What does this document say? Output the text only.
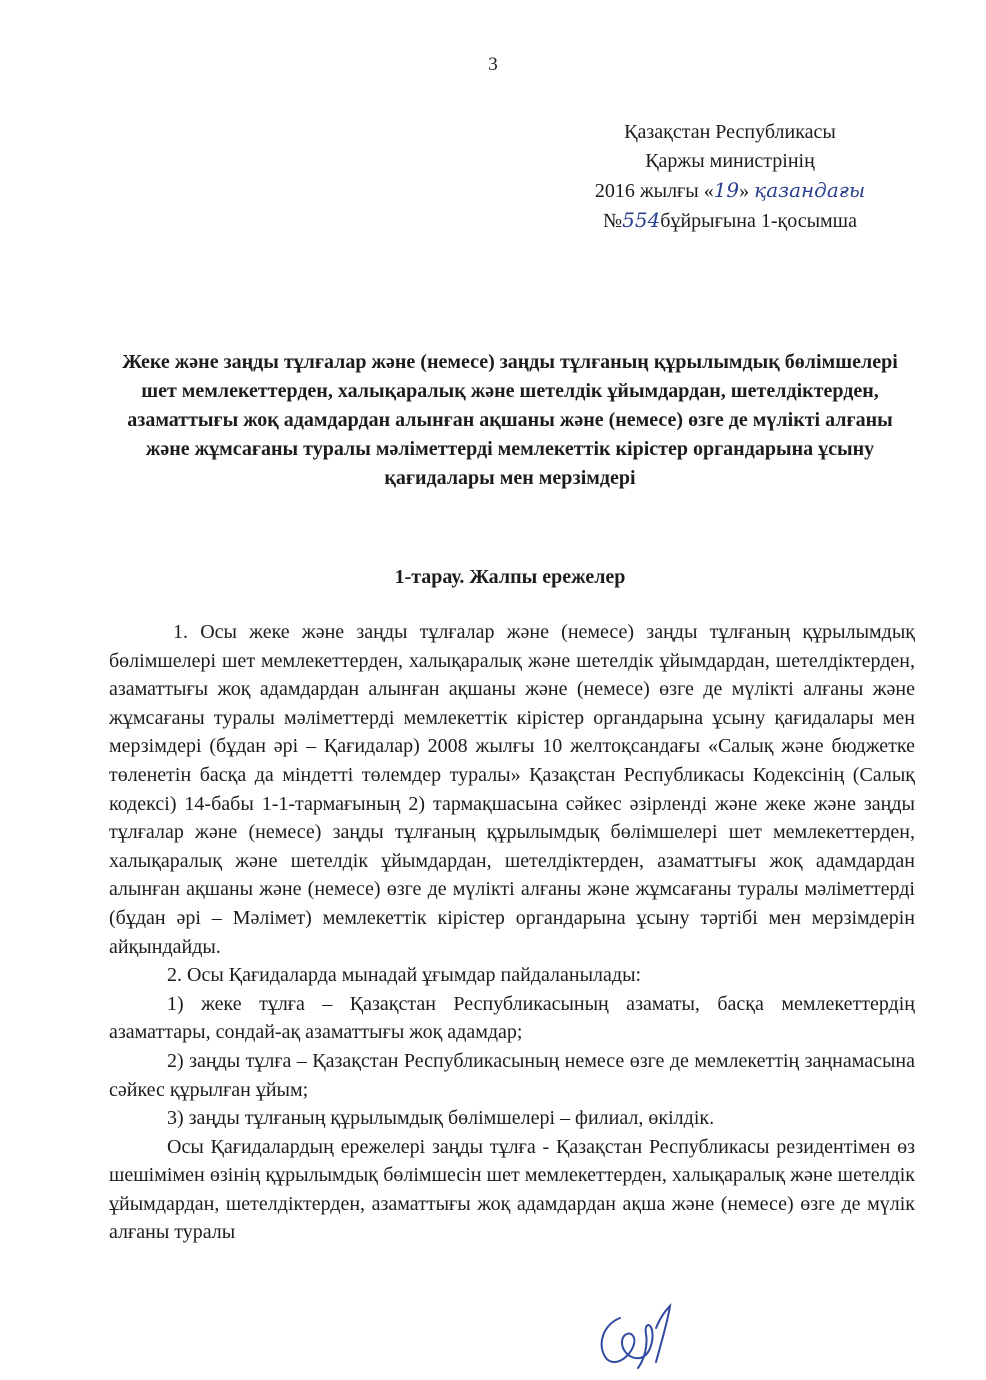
3
Қазақстан Республикасы
Қаржы министрінің
2016 жылғы «19» қазандағы
№554бұйрығына 1-қосымша
Жеке және заңды тұлғалар және (немесе) заңды тұлғаның құрылымдық бөлімшелері шет мемлекеттерден, халықаралық және шетелдік ұйымдардан, шетелдіктерден, азаматтығы жоқ адамдардан алынған ақшаны және (немесе) өзге де мүлікті алғаны және жұмсағаны туралы мәліметтерді мемлекеттік кірістер органдарына ұсыну қағидалары мен мерзімдері
1-тарау. Жалпы ережелер

1. Осы жеке және заңды тұлғалар және (немесе) заңды тұлғаның құрылымдық бөлімшелері шет мемлекеттерден, халықаралық және шетелдік ұйымдардан, шетелдіктерден, азаматтығы жоқ адамдардан алынған ақшаны және (немесе) өзге де мүлікті алғаны және жұмсағаны туралы мәліметтерді мемлекеттік кірістер органдарына ұсыну қағидалары мен мерзімдері (бұдан әрі – Қағидалар) 2008 жылғы 10 желтоқсандағы «Салық және бюджетке төленетін басқа да міндетті төлемдер туралы» Қазақстан Республикасы Кодексінің (Салық кодексі) 14-бабы 1-1-тармағының 2) тармақшасына сәйкес әзірленді және жеке және заңды тұлғалар және (немесе) заңды тұлғаның құрылымдық бөлімшелері шет мемлекеттерден, халықаралық және шетелдік ұйымдардан, шетелдіктерден, азаматтығы жоқ адамдардан алынған ақшаны және (немесе) өзге де мүлікті алғаны және жұмсағаны туралы мәліметтерді (бұдан әрі – Мәлімет) мемлекеттік кірістер органдарына ұсыну тәртібі мен мерзімдерін айқындайды.

2. Осы Қағидаларда мынадай ұғымдар пайдаланылады:

1) жеке тұлға – Қазақстан Республикасының азаматы, басқа мемлекеттердің азаматтары, сондай-ақ азаматтығы жоқ адамдар;

2) заңды тұлға – Қазақстан Республикасының немесе өзге де мемлекеттің заңнамасына сәйкес құрылған ұйым;

3) заңды тұлғаның құрылымдық бөлімшелері – филиал, өкілдік.

Осы Қағидалардың ережелері заңды тұлға - Қазақстан Республикасы резидентімен өз шешімімен өзінің құрылымдық бөлімшесін шет мемлекеттерден, халықаралық және шетелдік ұйымдардан, шетелдіктерден, азаматтығы жоқ адамдардан ақша және (немесе) өзге де мүлік алғаны туралы
